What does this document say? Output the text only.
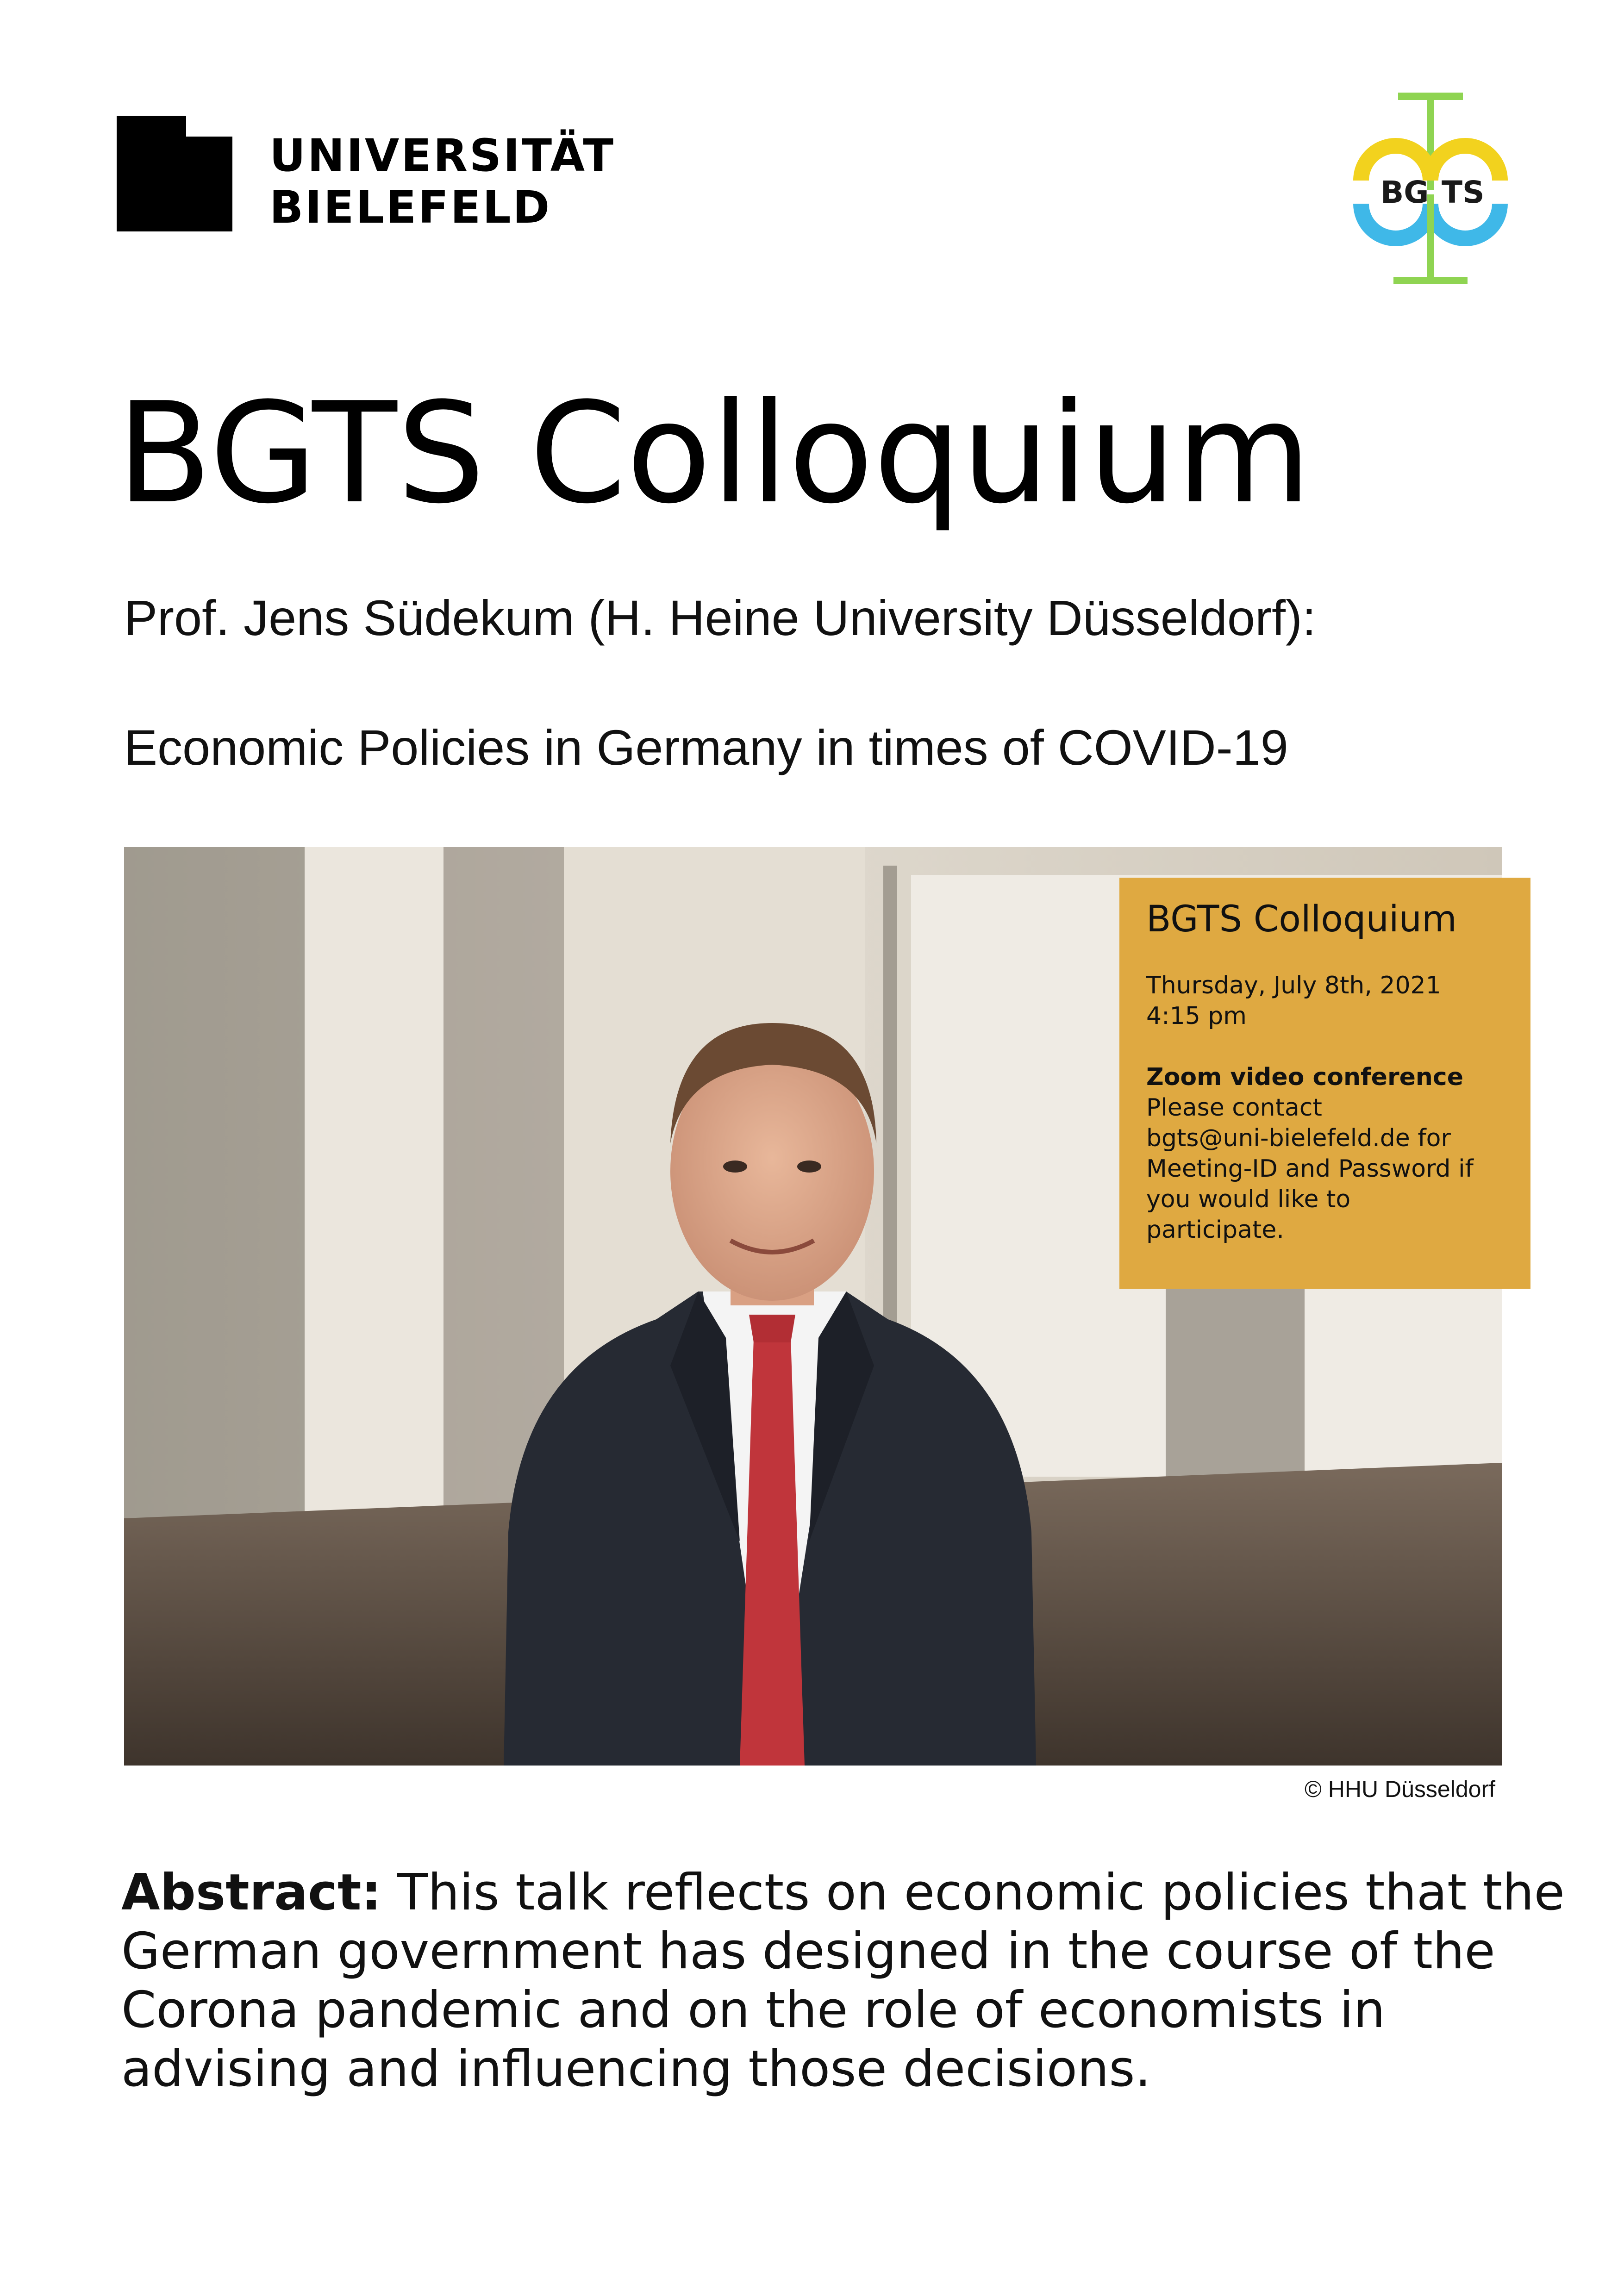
UNIVERSITÄT
BIELEFELD	BG TS
BGTS Colloquium
Prof. Jens Südekum (H. Heine University Düsseldorf):
Economic Policies in Germany in times of COVID-19
BGTS Colloquium
Thursday, July 8th, 2021
4:15 pm
Zoom video conference
Please contact
bgts@uni-bielefeld.de for
Meeting-ID and Password if
you would like to
participate.
© HHU Düsseldorf
Abstract: This talk reflects on economic policies that the
German government has designed in the course of the
Corona pandemic and on the role of economists in
advising and influencing those decisions.
